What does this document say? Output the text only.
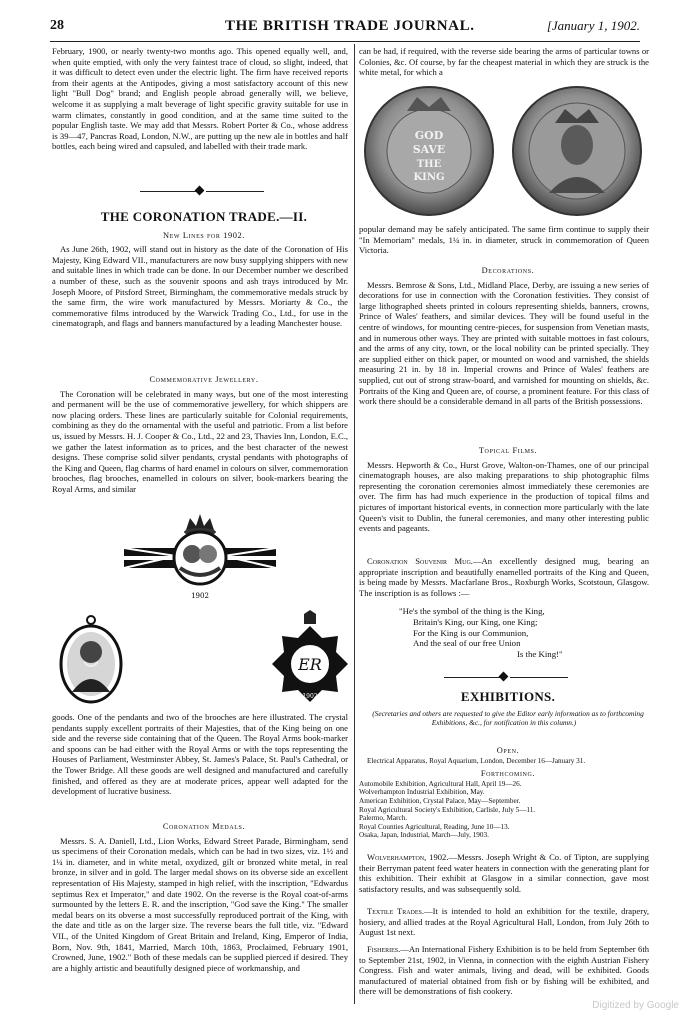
28	THE BRITISH TRADE JOURNAL.	[January 1, 1902.

February, 1900, or nearly twenty-two months ago. This opened equally well, and, when quite emptied, with only the very faintest trace of cloud, so slight, indeed, that it was difficult to detect even under the electric light. The firm have received reports from their agents at the Antipodes, giving a most satisfactory account of this new light "Bull Dog" brand; and English people abroad generally will, we believe, welcome it as supplying a malt beverage of light specific gravity suitable for use in warm climates, constantly in good condition, and at the same time suited to the popular English taste. We may add that Messrs. Robert Porter & Co., whose address is 39—47, Pancras Road, London, N.W., are putting up the new ale in bottles and half bottles, each being wired and capsuled, and labelled with their trade mark.

THE CORONATION TRADE.—II.

New Lines for 1902.

As June 26th, 1902, will stand out in history as the date of the Coronation of His Majesty, King Edward VII., manufacturers are now busy supplying shippers with new and suitable lines in which trade can be done. In our December number we described a number of these, such as the souvenir spoons and ash trays introduced by Mr. Joseph Moore, of Pitsford Street, Birmingham, the commemorative medals struck by the same firm, the wire work manufactured by Messrs. Moriarty & Co., the commemorative films introduced by the Warwick Trading Co., Ltd., for use in the cinematograph, and flags and banners manufactured by a leading Manchester house.

Commemorative Jewellery.

The Coronation will be celebrated in many ways, but one of the most interesting and permanent will be the use of commemorative jewellery, for which shippers are now placing orders. These lines are particularly suitable for Colonial requirements, combining as they do the ornamental with the useful and patriotic. From a list before us, issued by Messrs. H. J. Cooper & Co., Ltd., 22 and 23, Thavies Inn, London, E.C., we gather the latest information as to prices, and the best character of the newest designs. These comprise solid silver pendants, crystal pendants with photographs of the King and Queen, flag charms of hard enamel in colours on silver, commemoration brooches, flag brooches, enamelled in colours on silver, book-markers bearing the Royal Arms, and similar

1902
ER
1902

goods. One of the pendants and two of the brooches are here illustrated. The crystal pendants supply excellent portraits of their Majesties, that of the King being on one side and the reverse side containing that of the Queen. The Royal Arms book-marker and spoons can be had either with the Royal Arms or with the tops representing the Houses of Parliament, Westminster Abbey, St. James's Palace, St. Paul's Cathedral, or the Tower Bridge. All these goods are well designed and manufactured and carefully finished, and offered as they are at moderate prices, appear well adapted for the development of lucrative business.

Coronation Medals.

Messrs. S. A. Daniell, Ltd., Lion Works, Edward Street Parade, Birmingham, send us specimens of their Coronation medals, which can be had in two sizes, viz. 1½ and 1¼ in. diameter, and in white metal, oxydized, gilt or bronzed white metal, in real bronze, in silver and in gold. The larger medal shows on its obverse side an excellent representation of His Majesty, stamped in high relief, with the inscription, "Edwardus septimus Rex et Imperator," and date 1902. On the reverse is the Royal coat-of-arms surmounted by the letters E. R. and the inscription, "God save the King." The smaller medal bears on its obverse a most successfully reproduced portrait of the King, with the date and title as on the larger size. The reverse bears the full title, viz. "Edward VII., of the United Kingdom of Great Britain and Ireland, King, Emperor of India, Born, Nov. 9th, 1841, Married, March 10th, 1863, Proclaimed, February 1901, Crowned, June, 1902." Both of these medals can be supplied pierced if desired. They are a highly artistic and beautifully designed piece of workmanship, and

can be had, if required, with the reverse side bearing the arms of particular towns or Colonies, &c. Of course, by far the cheapest material in which they are struck is the white metal, for which a

GOD
SAVE
THE
KING

popular demand may be safely anticipated. The same firm continue to supply their "In Memoriam" medals, 1¼ in. in diameter, struck in commemoration of Queen Victoria.

Decorations.

Messrs. Bemrose & Sons, Ltd., Midland Place, Derby, are issuing a new series of decorations for use in connection with the Coronation festivities. They consist of large lithographed sheets printed in colours representing shields, banners, crowns, Prince of Wales' feathers, and similar devices. They will be found useful in the centre of windows, for mounting centre-pieces, for suspension from Venetian masts, and in numerous other ways. They are printed with suitable mottoes in fast colours, and the arms of any city, town, or the local nobility can be printed specially. They are supplied either on thick paper, or mounted on wood and varnished, the shields measuring 21 in. by 18 in. Imperial crowns and Prince of Wales' feathers are supplied, cut out of strong straw-board, and varnished for mounting on shields, &c. Portraits of the King and Queen are, of course, a prominent feature. For this class of work there should be a considerable demand in all parts of the British possessions.

Topical Films.

Messrs. Hepworth & Co., Hurst Grove, Walton-on-Thames, one of our principal cinematograph houses, are also making preparations to ship photographic films representing the coronation ceremonies almost immediately these ceremonies are over. The firm has had much experience in the production of topical films and pictures of important historical events, in connection more particularly with the late Queen's visit to Dublin, the funeral ceremonies, and many other interesting public events and pageants.

Coronation Souvenir Mug.—An excellently designed mug, bearing an appropriate inscription and beautifully enamelled portraits of the King and Queen, is being made by Messrs. Macfarlane Bros., Roxburgh Works, Scotstoun, Glasgow. The inscription is as follows :—

"He's the symbol of the thing is the King,
Britain's King, our King, one King;
For the King is our Communion,
And the seal of our free Union
Is the King!"

EXHIBITIONS.

(Secretaries and others are requested to give the Editor early information as to forthcoming Exhibitions, &c., for notification in this column.)

Open.

Electrical Apparatus, Royal Aquarium, London, December 16—January 31.

Forthcoming.

Automobile Exhibition, Agricultural Hall, April 19—26.
Wolverhampton Industrial Exhibition, May.
American Exhibition, Crystal Palace, May—September.
Royal Agricultural Society's Exhibition, Carlisle, July 5—11.
Palermo, March.
Royal Counties Agricultural, Reading, June 10—13.
Osaka, Japan, Industrial, March—July, 1903.

Wolverhampton, 1902.—Messrs. Joseph Wright & Co. of Tipton, are supplying their Berryman patent feed water heaters in connection with the generating plant for this exhibition. Their exhibit at Glasgow in a similar connection, gave most satisfactory results, and was subsequently sold.

Textile Trades.—It is intended to hold an exhibition for the textile, drapery, hosiery, and allied trades at the Royal Agricultural Hall, London, from July 26th to August 1st next.

Fisheries.—An International Fishery Exhibition is to be held from September 6th to September 21st, 1902, in Vienna, in connection with the eighth Austrian Fishery Congress. Fish and water animals, living and dead, will be exhibited. Goods manufactured of material obtained from fish or by fishing will be exhibited, and there will be demonstrations of fish cookery.

Digitized by Google
